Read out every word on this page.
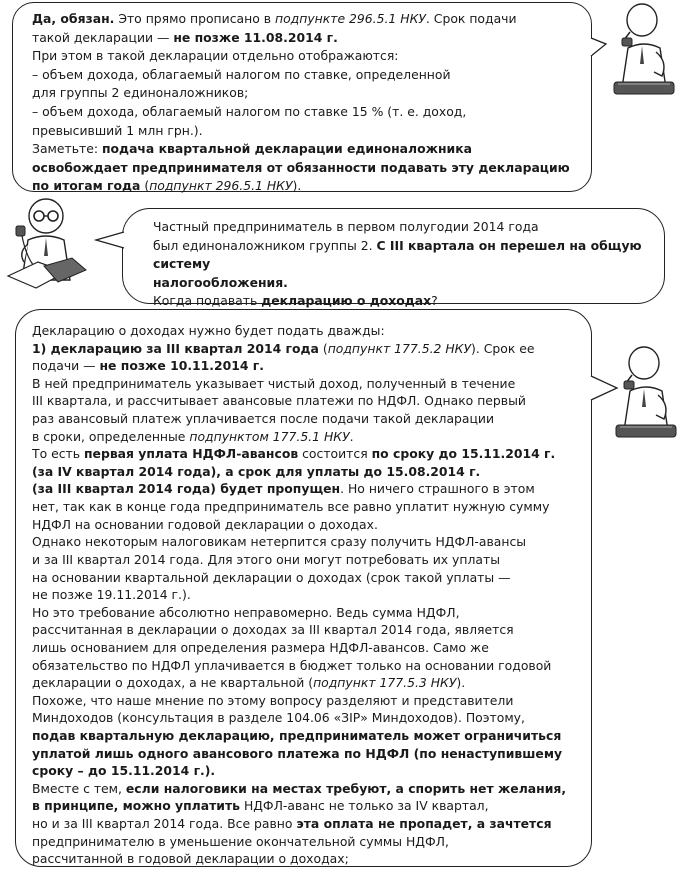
Да, обязан. Это прямо прописано в подпункте 296.5.1 НКУ. Срок подачи

такой декларации — не позже 11.08.2014 г.

При этом в такой декларации отдельно отображаются:

– объем дохода, облагаемый налогом по ставке, определенной

для группы 2 единоналожников;

– объем дохода, облагаемый налогом по ставке 15 % (т. е. доход,

превысивший 1 млн грн.).

Заметьте: подача квартальной декларации единоналожника

освобождает предпринимателя от обязанности подавать эту декларацию

по итогам года (подпункт 296.5.1 НКУ).

Частный предприниматель в первом полугодии 2014 года

был единоналожником группы 2. С III квартала он перешел на общую систему

налогообложения.

Когда подавать декларацию о доходах?

Декларацию о доходах нужно будет подать дважды:

1) декларацию за III квартал 2014 года (подпункт 177.5.2 НКУ). Срок ее

подачи — не позже 10.11.2014 г.

В ней предприниматель указывает чистый доход, полученный в течение

III квартала, и рассчитывает авансовые платежи по НДФЛ. Однако первый

раз авансовый платеж уплачивается после подачи такой декларации

в сроки, определенные подпунктом 177.5.1 НКУ.

То есть первая уплата НДФЛ-авансов состоится по сроку до 15.11.2014 г.

(за IV квартал 2014 года), а срок для уплаты до 15.08.2014 г.

(за III квартал 2014 года) будет пропущен. Но ничего страшного в этом

нет, так как в конце года предприниматель все равно уплатит нужную сумму

НДФЛ на основании годовой декларации о доходах.

Однако некоторым налоговикам нетерпится сразу получить НДФЛ-авансы

и за III квартал 2014 года. Для этого они могут потребовать их уплаты

на основании квартальной декларации о доходах (срок такой уплаты —

не позже 19.11.2014 г.).

Но это требование абсолютно неправомерно. Ведь сумма НДФЛ,

рассчитанная в декларации о доходах за III квартал 2014 года, является

лишь основанием для определения размера НДФЛ-авансов. Само же

обязательство по НДФЛ уплачивается в бюджет только на основании годовой

декларации о доходах, а не квартальной (подпункт 177.5.3 НКУ).

Похоже, что наше мнение по этому вопросу разделяют и представители

Миндоходов (консультация в разделе 104.06 «ЗІР» Миндоходов). Поэтому,

подав квартальную декларацию, предприниматель может ограничиться

уплатой лишь одного авансового платежа по НДФЛ (по ненаступившему

сроку – до 15.11.2014 г.).

Вместе с тем, если налоговики на местах требуют, а спорить нет желания,

в принципе, можно уплатить НДФЛ-аванс не только за IV квартал,

но и за III квартал 2014 года. Все равно эта оплата не пропадет, а зачтется

предпринимателю в уменьшение окончательной суммы НДФЛ,

рассчитанной в годовой декларации о доходах;
